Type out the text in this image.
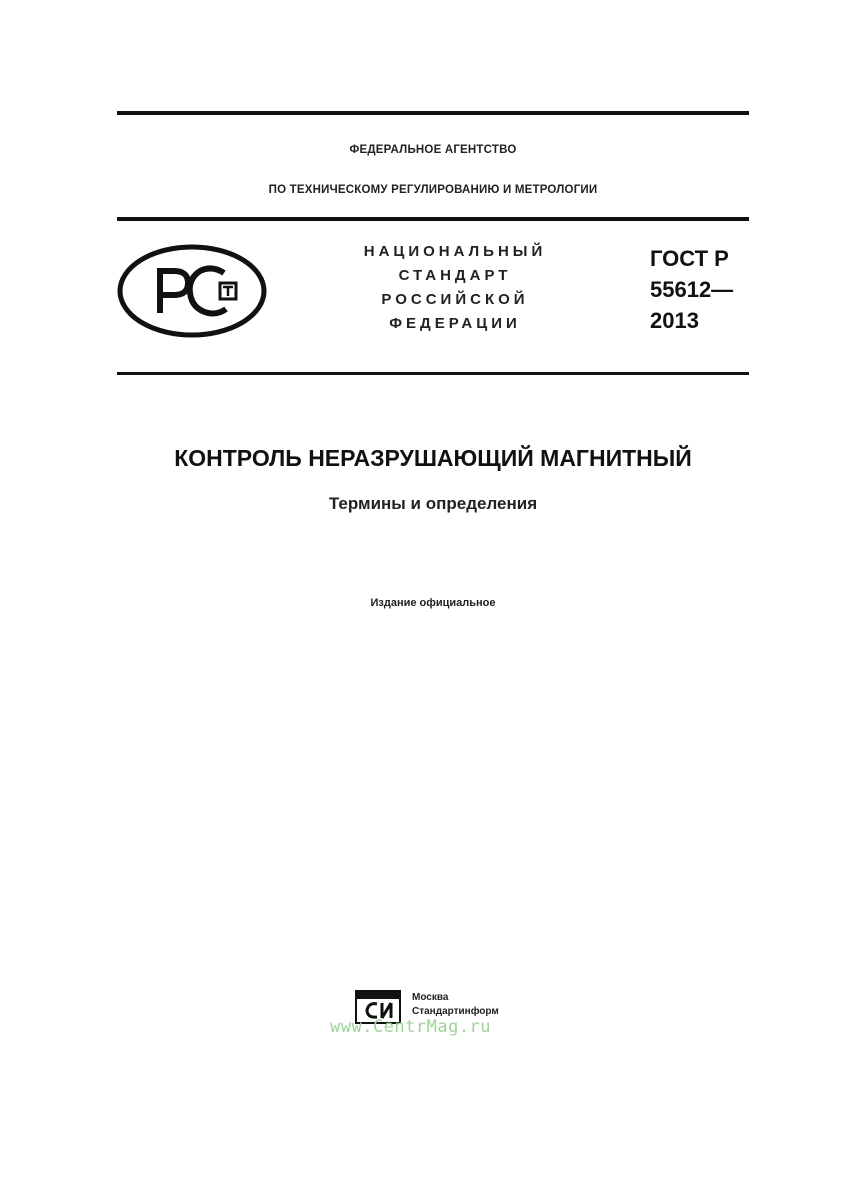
ФЕДЕРАЛЬНОЕ АГЕНТСТВО
ПО ТЕХНИЧЕСКОМУ РЕГУЛИРОВАНИЮ И МЕТРОЛОГИИ
НАЦИОНАЛЬНЫЙ
СТАНДАРТ
РОССИЙСКОЙ
ФЕДЕРАЦИИ
ГОСТ Р
55612—
2013
КОНТРОЛЬ НЕРАЗРУШАЮЩИЙ МАГНИТНЫЙ
Термины и определения
Издание официальное
Москва
Стандартинформ
www.CentrMag.ru
